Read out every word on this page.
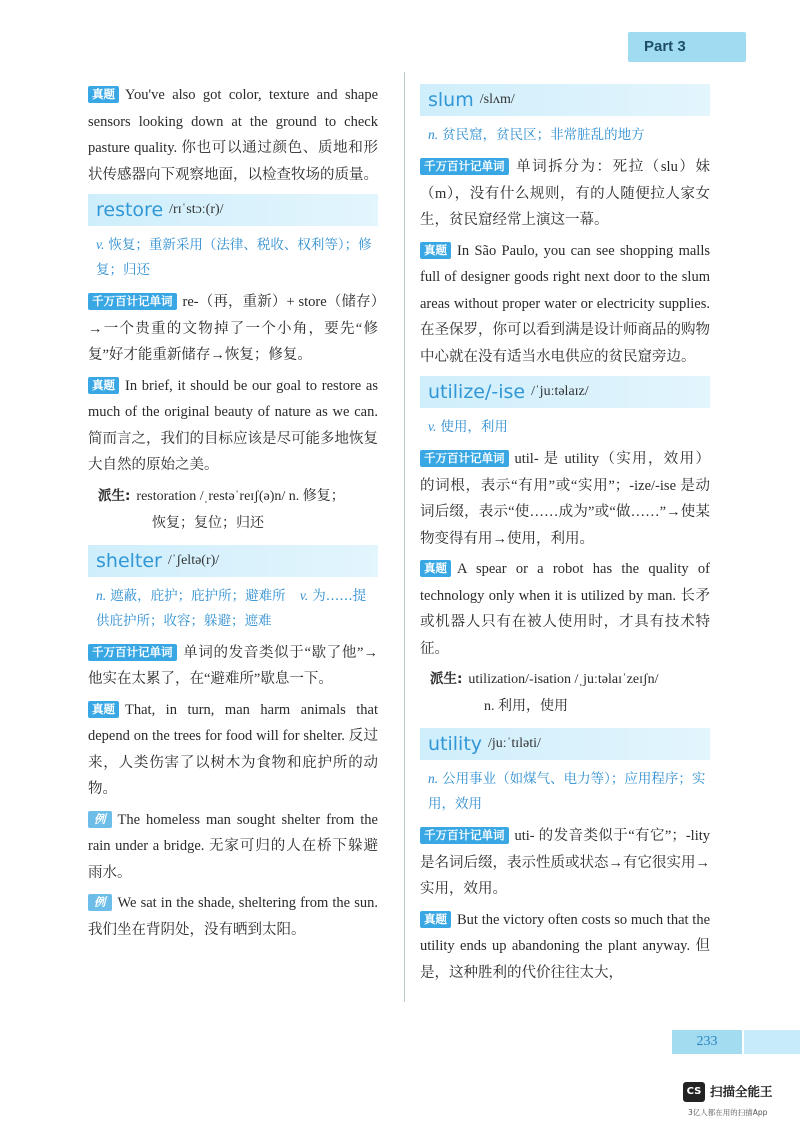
Part 3

真题 You've also got color, texture and shape sensors looking down at the ground to check pasture quality. 你也可以通过颜色、质地和形状传感器向下观察地面，以检查牧场的质量。

restore /rɪˈstɔː(r)/
v. 恢复；重新采用（法律、税收、权利等）；修复；归还

千万百计记单词 re-（再，重新）+ store（储存）→一个贵重的文物掉了一个小角，要先“修复”好才能重新储存→恢复；修复。

真题 In brief, it should be our goal to restore as much of the original beauty of nature as we can. 简而言之，我们的目标应该是尽可能多地恢复大自然的原始之美。

派生: restoration /ˌrestəˈreɪʃ(ə)n/ n. 修复；
恢复；复位；归还
shelter /ˈʃeltə(r)/
n. 遮蔽，庇护；庇护所；避难所 v. 为……提供庇护所；收容；躲避；遮难

千万百计记单词 单词的发音类似于“歇了他”→他实在太累了，在“避难所”歇息一下。

真题 That, in turn, man harm animals that depend on the trees for food will for shelter. 反过来，人类伤害了以树木为食物和庇护所的动物。

例 The homeless man sought shelter from the rain under a bridge. 无家可归的人在桥下躲避雨水。

例 We sat in the shade, sheltering from the sun. 我们坐在背阴处，没有晒到太阳。

slum /slʌm/
n. 贫民窟，贫民区；非常脏乱的地方

千万百计记单词 单词拆分为：死拉（slu）妹（m），没有什么规则，有的人随便拉人家女生，贫民窟经常上演这一幕。

真题 In São Paulo, you can see shopping malls full of designer goods right next door to the slum areas without proper water or electricity supplies. 在圣保罗，你可以看到满是设计师商品的购物中心就在没有适当水电供应的贫民窟旁边。

utilize/-ise /ˈjuːtəlaɪz/
v. 使用，利用

千万百计记单词 util- 是 utility（实用，效用）的词根，表示“有用”或“实用”；-ize/-ise 是动词后缀，表示“使……成为”或“做……”→使某物变得有用→使用，利用。

真题 A spear or a robot has the quality of technology only when it is utilized by man. 长矛或机器人只有在被人使用时，才具有技术特征。

派生: utilization/-isation /ˌjuːtəlaɪˈzeɪʃn/
n. 利用，使用
utility /juːˈtɪləti/
n. 公用事业（如煤气、电力等）；应用程序；实用，效用

千万百计记单词 uti- 的发音类似于“有它”；-lity 是名词后缀，表示性质或状态→有它很实用→实用，效用。

真题 But the victory often costs so much that the utility ends up abandoning the plant anyway. 但是，这种胜利的代价往往太大，

233
CS 扫描全能王
3亿人都在用的扫描App
